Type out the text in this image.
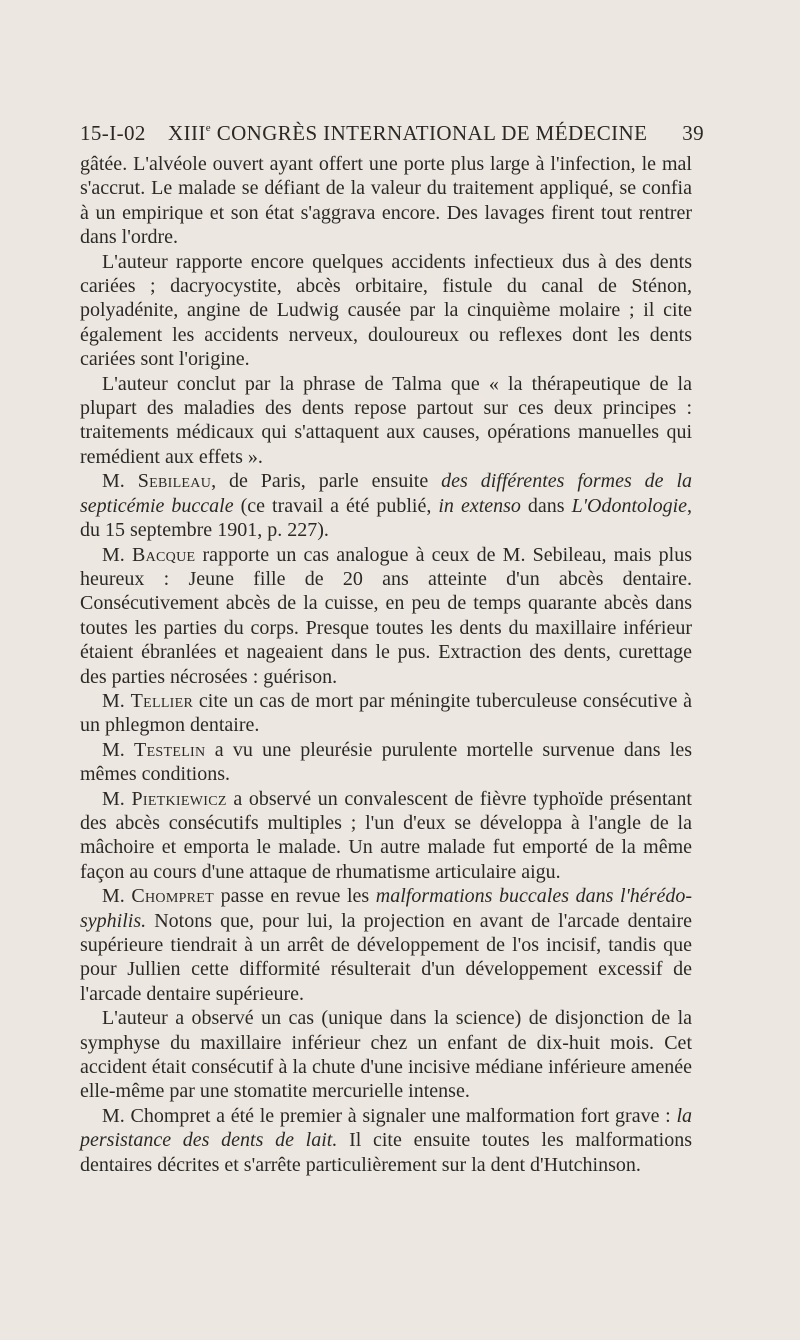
15-I-02 XIIIe CONGRÈS INTERNATIONAL DE MÉDECINE 39

gâtée. L'alvéole ouvert ayant offert une porte plus large à l'infection, le mal s'accrut. Le malade se défiant de la valeur du traitement appliqué, se confia à un empirique et son état s'aggrava encore. Des lavages firent tout rentrer dans l'ordre.

L'auteur rapporte encore quelques accidents infectieux dus à des dents cariées ; dacryocystite, abcès orbitaire, fistule du canal de Sténon, polyadénite, angine de Ludwig causée par la cinquième molaire ; il cite également les accidents nerveux, douloureux ou reflexes dont les dents cariées sont l'origine.

L'auteur conclut par la phrase de Talma que « la thérapeutique de la plupart des maladies des dents repose partout sur ces deux principes : traitements médicaux qui s'attaquent aux causes, opérations manuelles qui remédient aux effets ».

M. Sebileau, de Paris, parle ensuite des différentes formes de la septicémie buccale (ce travail a été publié, in extenso dans L'Odontologie, du 15 septembre 1901, p. 227).

M. Bacque rapporte un cas analogue à ceux de M. Sebileau, mais plus heureux : Jeune fille de 20 ans atteinte d'un abcès dentaire. Consécutivement abcès de la cuisse, en peu de temps quarante abcès dans toutes les parties du corps. Presque toutes les dents du maxillaire inférieur étaient ébranlées et nageaient dans le pus. Extraction des dents, curettage des parties nécrosées : guérison.

M. Tellier cite un cas de mort par méningite tuberculeuse consécutive à un phlegmon dentaire.

M. Testelin a vu une pleurésie purulente mortelle survenue dans les mêmes conditions.

M. Pietkiewicz a observé un convalescent de fièvre typhoïde présentant des abcès consécutifs multiples ; l'un d'eux se développa à l'angle de la mâchoire et emporta le malade. Un autre malade fut emporté de la même façon au cours d'une attaque de rhumatisme articulaire aigu.

M. Chompret passe en revue les malformations buccales dans l'hérédo-syphilis. Notons que, pour lui, la projection en avant de l'arcade dentaire supérieure tiendrait à un arrêt de développement de l'os incisif, tandis que pour Jullien cette difformité résulterait d'un développement excessif de l'arcade dentaire supérieure.

L'auteur a observé un cas (unique dans la science) de disjonction de la symphyse du maxillaire inférieur chez un enfant de dix-huit mois. Cet accident était consécutif à la chute d'une incisive médiane inférieure amenée elle-même par une stomatite mercurielle intense.

M. Chompret a été le premier à signaler une malformation fort grave : la persistance des dents de lait. Il cite ensuite toutes les malformations dentaires décrites et s'arrête particulièrement sur la dent d'Hutchinson.
